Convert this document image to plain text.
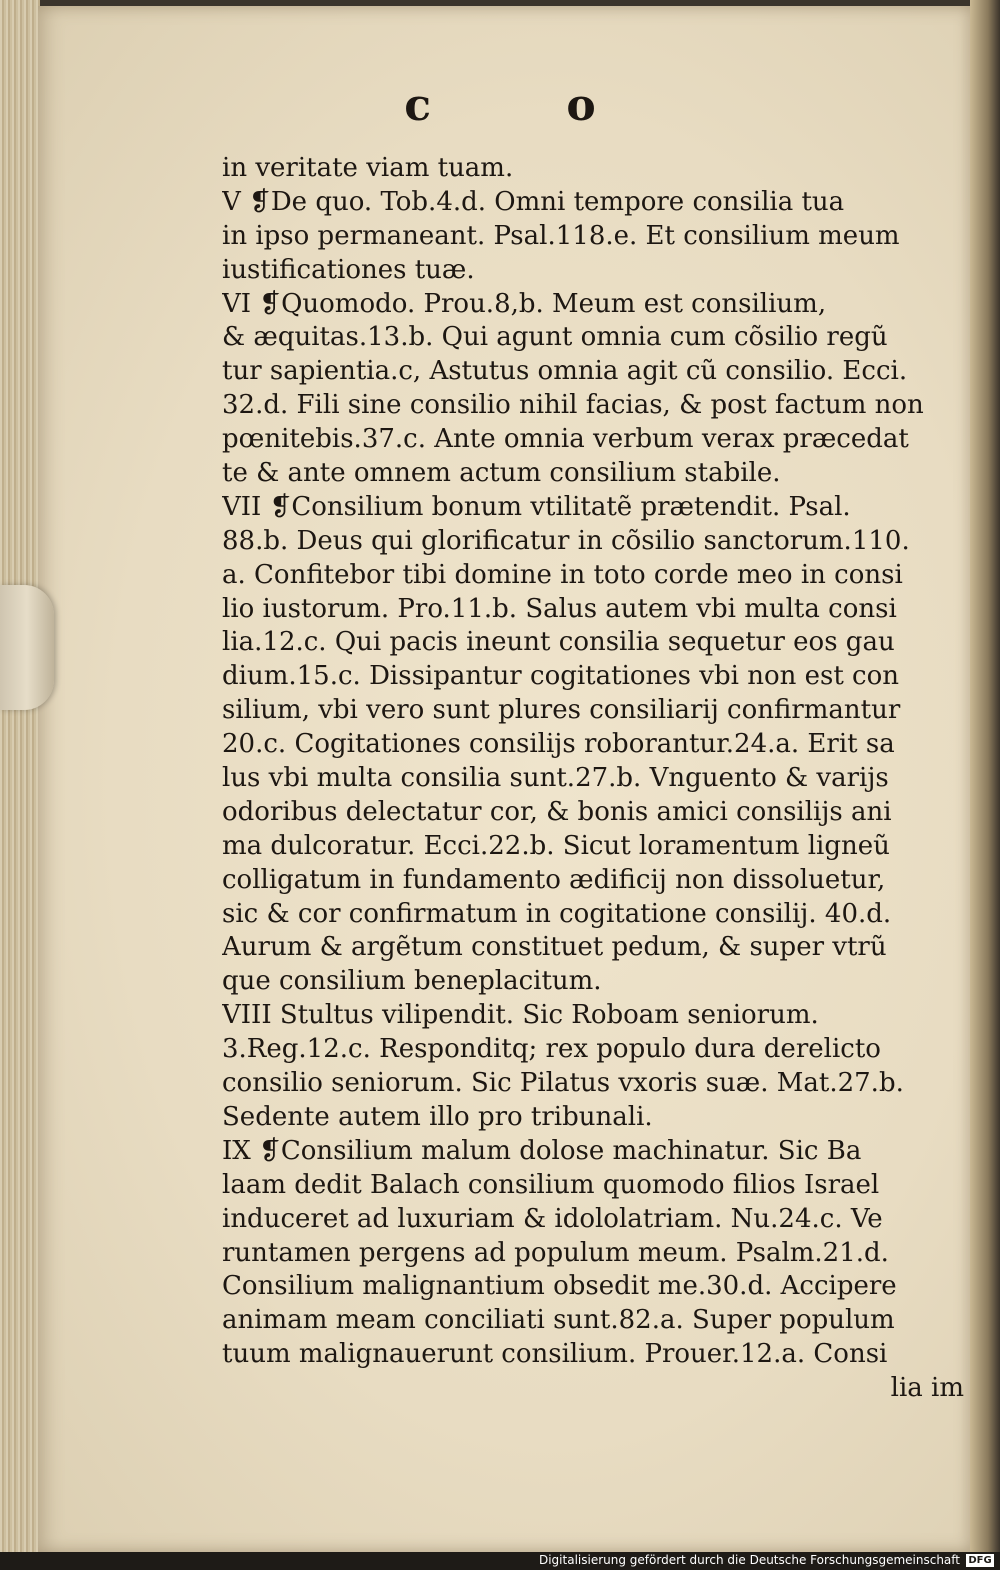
c o
in veritate viam tuam.
V ❡De quo. Tob.4.d. Omni tempore consilia tua
in ipso permaneant. Psal.118.e. Et consilium meum
iustificationes tuæ.
VI ❡Quomodo. Prou.8,b. Meum est consilium,
& æquitas.13.b. Qui agunt omnia cum cõsilio regũ
tur sapientia.c, Astutus omnia agit cũ consilio. Ecci.
32.d. Fili sine consilio nihil facias, & post factum non
pœnitebis.37.c. Ante omnia verbum verax præcedat
te & ante omnem actum consilium stabile.
VII ❡Consilium bonum vtilitatẽ prætendit. Psal.
88.b. Deus qui glorificatur in cõsilio sanctorum.110.
a. Confitebor tibi domine in toto corde meo in consi
lio iustorum. Pro.11.b. Salus autem vbi multa consi
lia.12.c. Qui pacis ineunt consilia sequetur eos gau
dium.15.c. Dissipantur cogitationes vbi non est con
silium, vbi vero sunt plures consiliarij confirmantur
20.c. Cogitationes consilijs roborantur.24.a. Erit sa
lus vbi multa consilia sunt.27.b. Vnguento & varijs
odoribus delectatur cor, & bonis amici consilijs ani
ma dulcoratur. Ecci.22.b. Sicut loramentum ligneũ
colligatum in fundamento ædificij non dissoluetur,
sic & cor confirmatum in cogitatione consilij. 40.d.
Aurum & argẽtum constituet pedum, & super vtrũ
que consilium beneplacitum.
VIII Stultus vilipendit. Sic Roboam seniorum.
3.Reg.12.c. Responditq; rex populo dura derelicto
consilio seniorum. Sic Pilatus vxoris suæ. Mat.27.b.
Sedente autem illo pro tribunali.
IX ❡Consilium malum dolose machinatur. Sic Ba
laam dedit Balach consilium quomodo filios Israel
induceret ad luxuriam & idololatriam. Nu.24.c. Ve
runtamen pergens ad populum meum. Psalm.21.d.
Consilium malignantium obsedit me.30.d. Accipere
animam meam conciliati sunt.82.a. Super populum
tuum malignauerunt consilium. Prouer.12.a. Consi
lia im
Digitalisierung gefördert durch die Deutsche Forschungsgemeinschaft DFG
